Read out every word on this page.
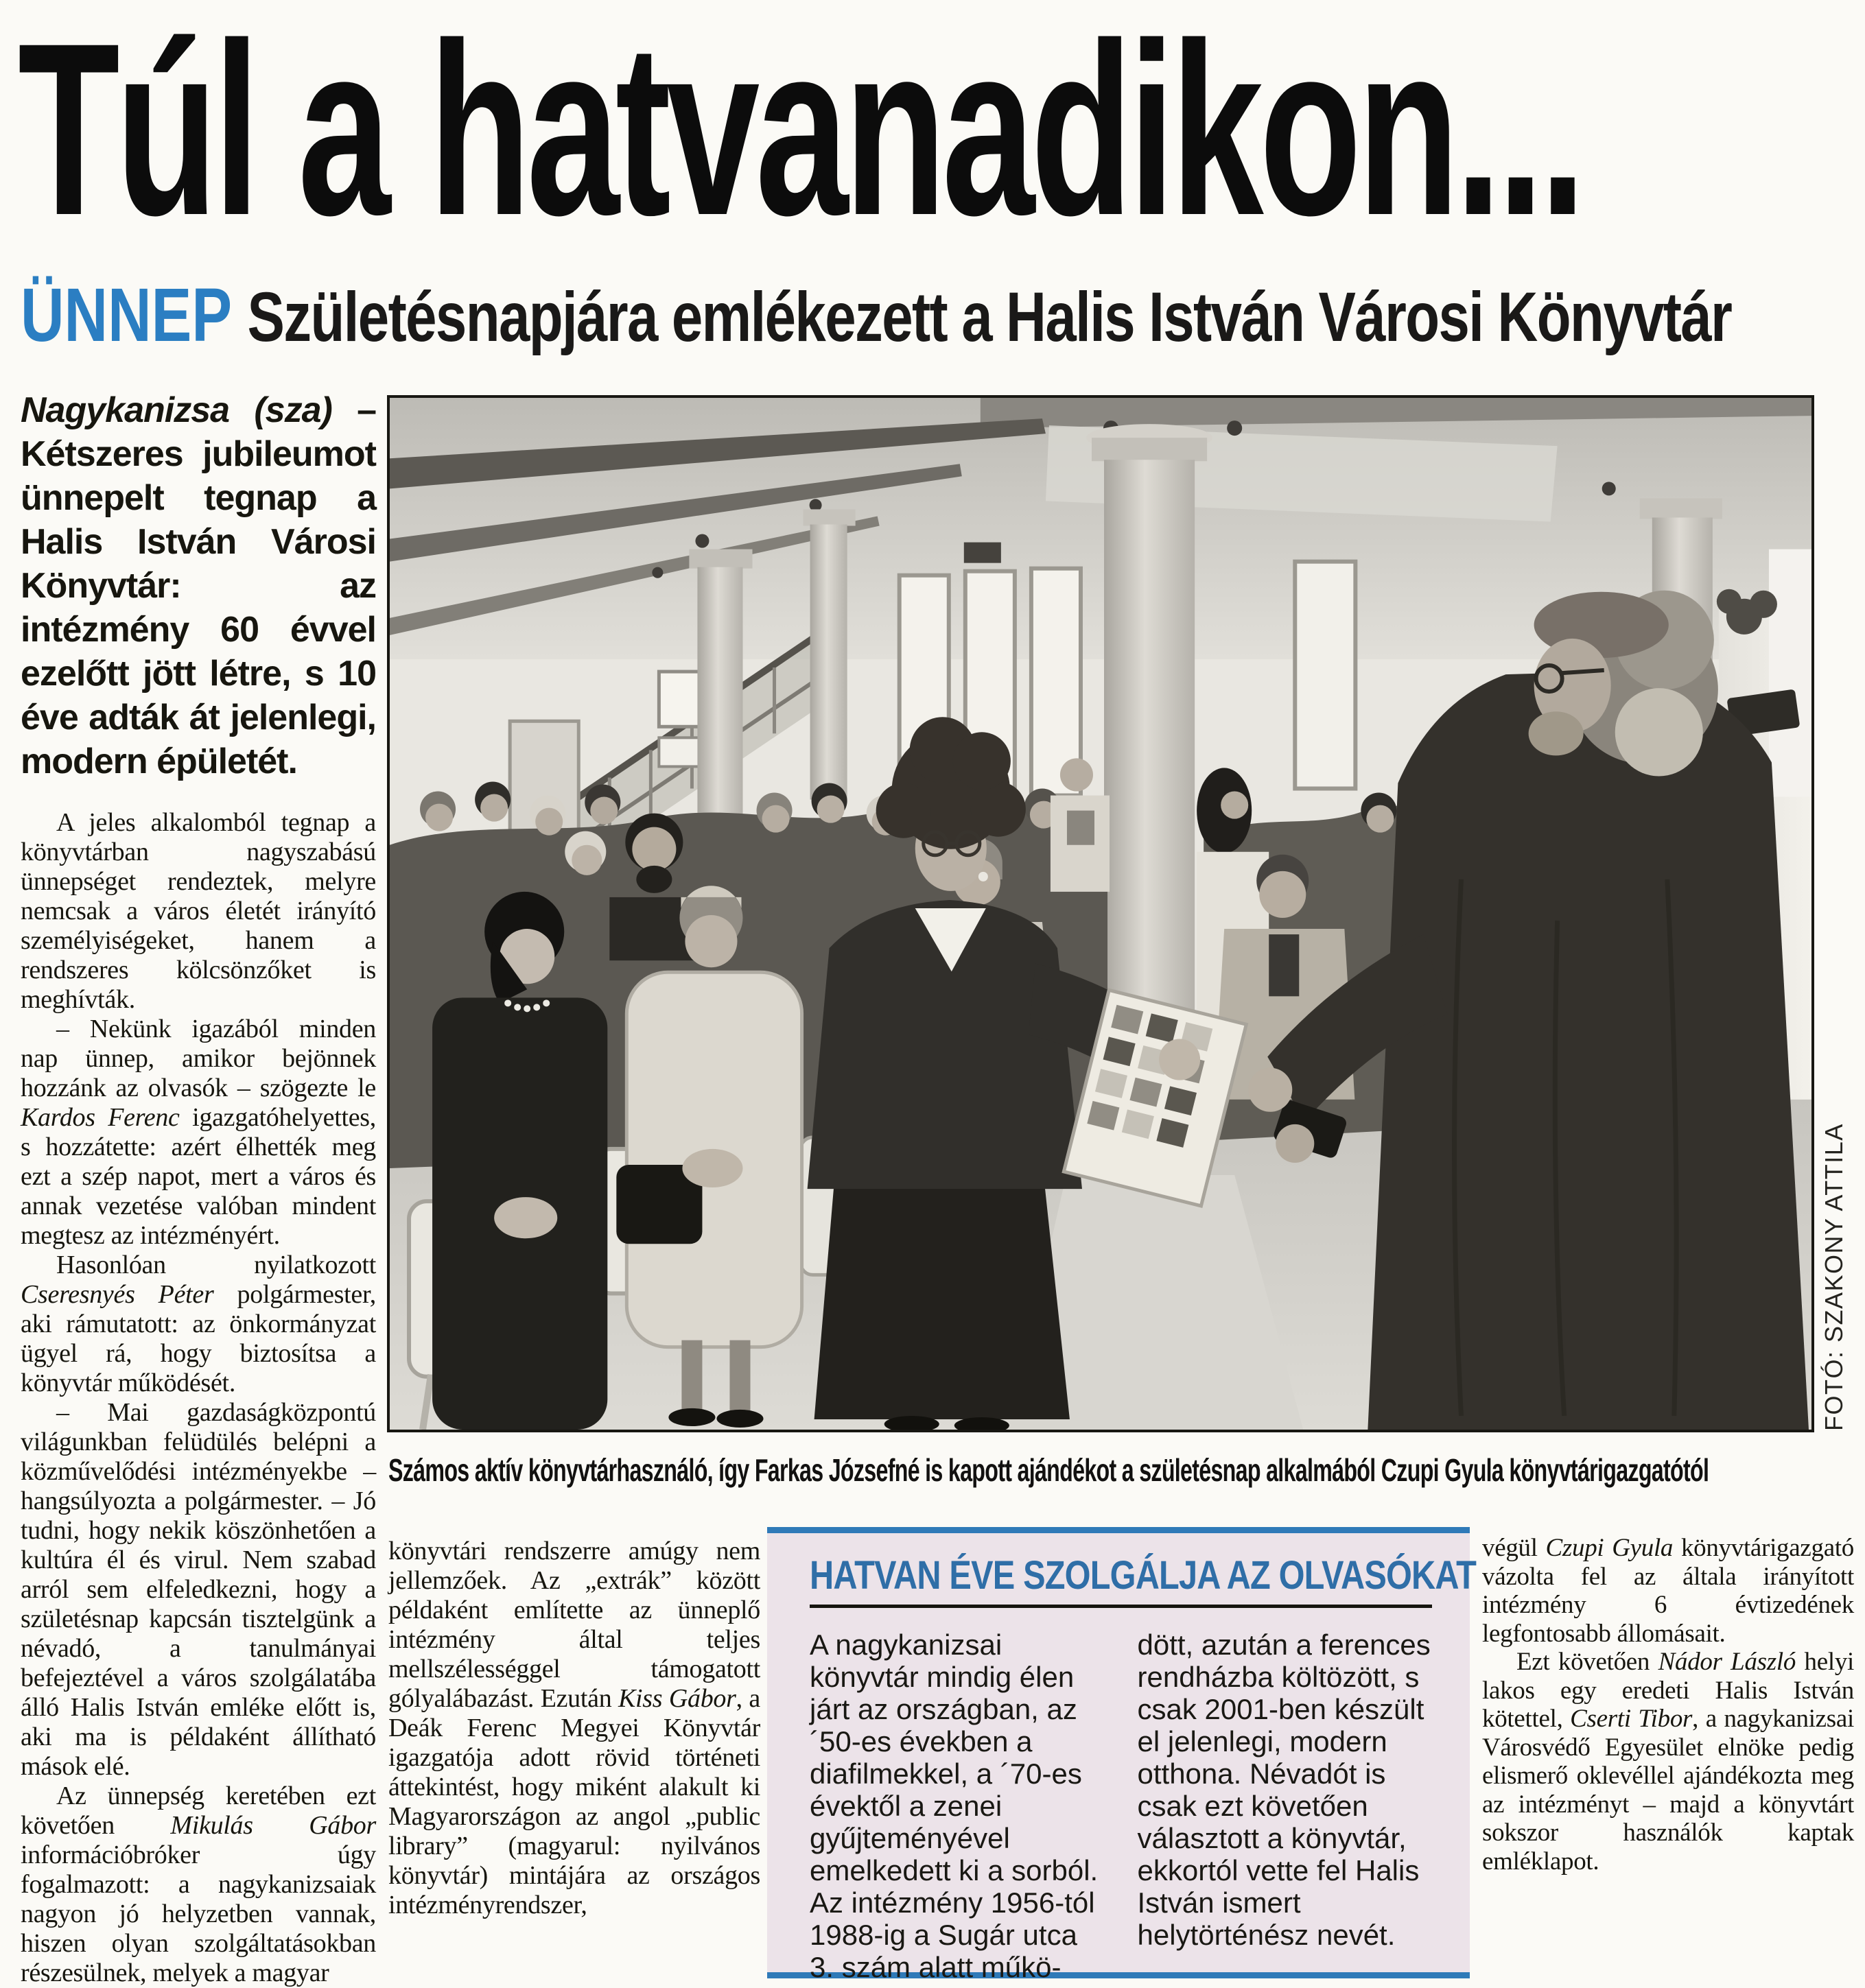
Túl a hatvanadikon...
ÜNNEP Születésnapjára emlékezett a Halis István Városi Könyvtár

Nagykanizsa (sza) – Kétszeres jubileumot ünnepelt tegnap a Halis István Városi Könyvtár: az intézmény 60 évvel ezelőtt jött létre, s 10 éve adták át jelenlegi, modern épületét.

A jeles alkalomból tegnap a könyvtárban nagyszabású ünnepséget rendeztek, melyre nemcsak a város életét irányító személyiségeket, hanem a rendszeres kölcsönzőket is meghívták.

– Nekünk igazából minden nap ünnep, amikor bejönnek hozzánk az olvasók – szögezte le Kardos Ferenc igazgatóhelyettes, s hozzátette: azért élhették meg ezt a szép napot, mert a város és annak vezetése valóban mindent megtesz az intézményért.

Hasonlóan nyilatkozott Cseresnyés Péter polgármester, aki rámutatott: az önkormányzat ügyel rá, hogy biztosítsa a könyvtár működését.

– Mai gazdaságközpontú világunkban felüdülés belépni a közművelődési intézményekbe – hangsúlyozta a polgármester. – Jó tudni, hogy nekik köszönhetően a kultúra él és virul. Nem szabad arról sem elfeledkezni, hogy a születésnap kapcsán tisztelgünk a névadó, a tanulmányai befejeztével a város szolgálatába álló Halis István emléke előtt is, aki ma is példaként állítható mások elé.

Az ünnepség keretében ezt követően Mikulás Gábor információbróker úgy fogalmazott: a nagykanizsaiak nagyon jó helyzetben vannak, hiszen olyan szolgáltatásokban részesülnek, melyek a magyar

FOTÓ: SZAKONY ATTILA
Számos aktív könyvtárhasználó, így Farkas Józsefné is kapott ajándékot a születésnap alkalmából Czupi Gyula könyvtárigazgatótól

könyvtári rendszerre amúgy nem jellemzőek. Az „extrák” között példaként említette az ünneplő intézmény által teljes mellszélességgel támogatott gólyalábazást. Ezután Kiss Gábor, a Deák Ferenc Megyei Könyvtár igazgatója adott rövid történeti áttekintést, hogy miként alakult ki Magyarországon az angol „public library” (magyarul: nyilvános könyvtár) mintájára az országos intézményrendszer,

HATVAN ÉVE SZOLGÁLJA AZ OLVASÓKAT

A nagykanizsai könyvtár mindig élen járt az országban, az ´50-es években a diafilmekkel, a ´70-es évektől a zenei gyűjteményével emelkedett ki a sorból. Az intézmény 1956-tól 1988-ig a Sugár utca 3. szám alatt műkö-

dött, azután a ferences rendházba költözött, s csak 2001-ben készült el jelenlegi, modern otthona. Névadót is csak ezt követően választott a könyvtár, ekkortól vette fel Halis István ismert helytörténész nevét.

végül Czupi Gyula könyvtárigazgató vázolta fel az általa irányított intézmény 6 évtizedének legfontosabb állomásait.

Ezt követően Nádor László helyi lakos egy eredeti Halis István kötettel, Cserti Tibor, a nagykanizsai Városvédő Egyesület elnöke pedig elismerő oklevéllel ajándékozta meg az intézményt – majd a könyvtárt sokszor használók kaptak emléklapot.
